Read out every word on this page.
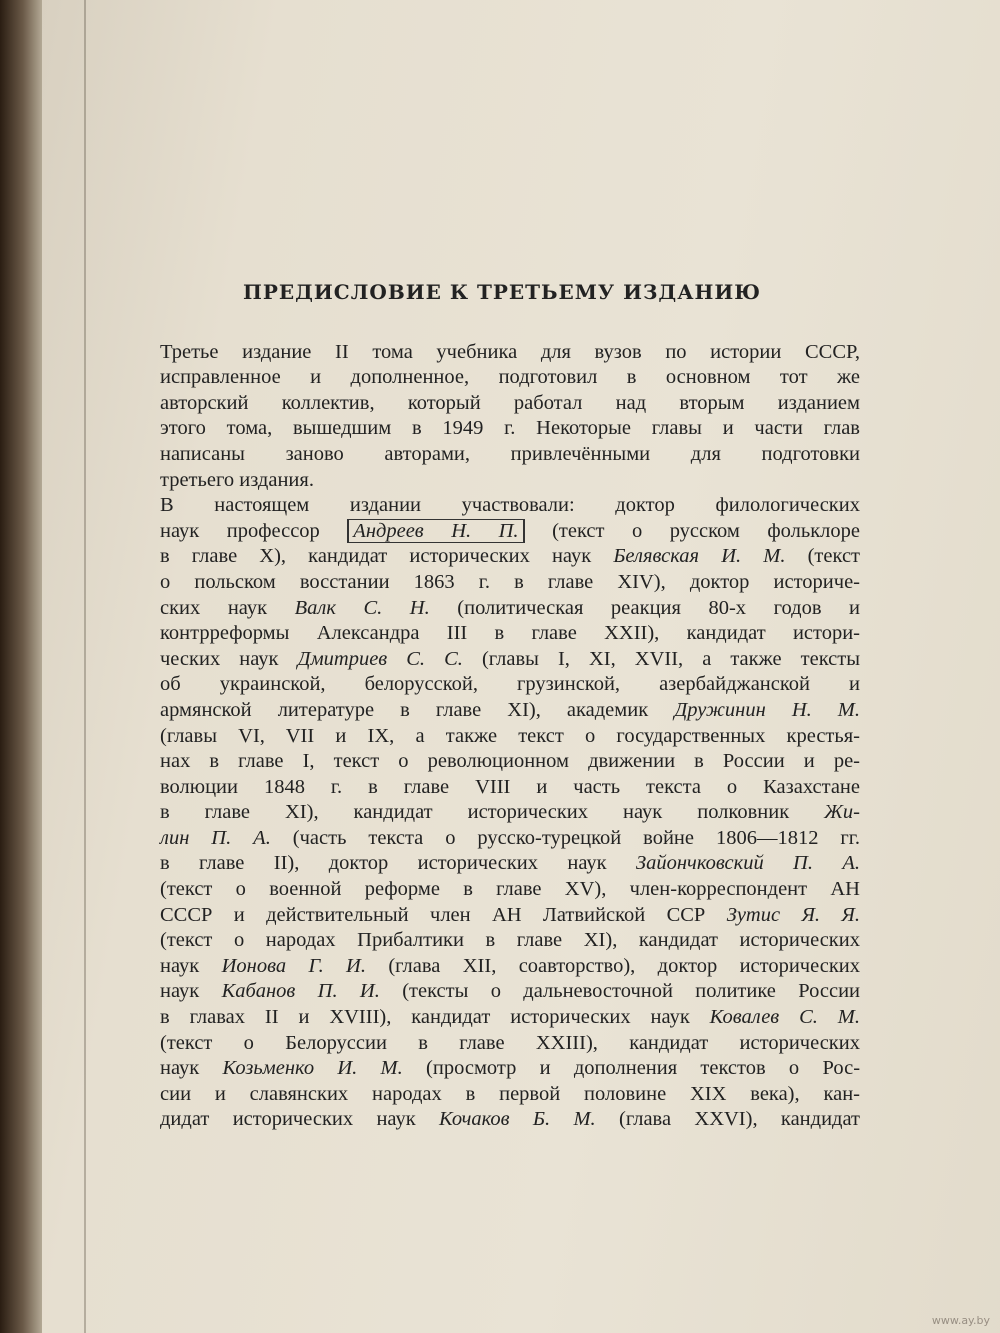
ПРЕДИСЛОВИЕ К ТРЕТЬЕМУ ИЗДАНИЮ

Третье издание II тома учебника для вузов по истории СССР,
исправленное и дополненное, подготовил в основном тот же
авторский коллектив, который работал над вторым изданием
этого тома, вышедшим в 1949 г. Некоторые главы и части глав
написаны заново авторами, привлечёнными для подготовки
третьего издания.

В настоящем издании участвовали: доктор филологических
наук профессор Андреев Н. П. (текст о русском фольклоре
в главе X), кандидат исторических наук Белявская И. М. (текст
о польском восстании 1863 г. в главе XIV), доктор историче-
ских наук Валк С. Н. (политическая реакция 80-х годов и
контрреформы Александра III в главе XXII), кандидат истори-
ческих наук Дмитриев С. С. (главы I, XI, XVII, а также тексты
об украинской, белорусской, грузинской, азербайджанской и
армянской литературе в главе XI), академик Дружинин Н. М.
(главы VI, VII и IX, а также текст о государственных крестья-
нах в главе I, текст о революционном движении в России и ре-
волюции 1848 г. в главе VIII и часть текста о Казахстане
в главе XI), кандидат исторических наук полковник Жи-
лин П. А. (часть текста о русско-турецкой войне 1806—1812 гг.
в главе II), доктор исторических наук Зайончковский П. А.
(текст о военной реформе в главе XV), член-корреспондент АН
СССР и действительный член АН Латвийской ССР Зутис Я. Я.
(текст о народах Прибалтики в главе XI), кандидат исторических
наук Ионова Г. И. (глава XII, соавторство), доктор исторических
наук Кабанов П. И. (тексты о дальневосточной политике России
в главах II и XVIII), кандидат исторических наук Ковалев С. М.
(текст о Белоруссии в главе XXIII), кандидат исторических
наук Козьменко И. М. (просмотр и дополнения текстов о Рос-
сии и славянских народах в первой половине XIX века), кан-
дидат исторических наук Кочаков Б. М. (глава XXVI), кандидат

www.ay.by
